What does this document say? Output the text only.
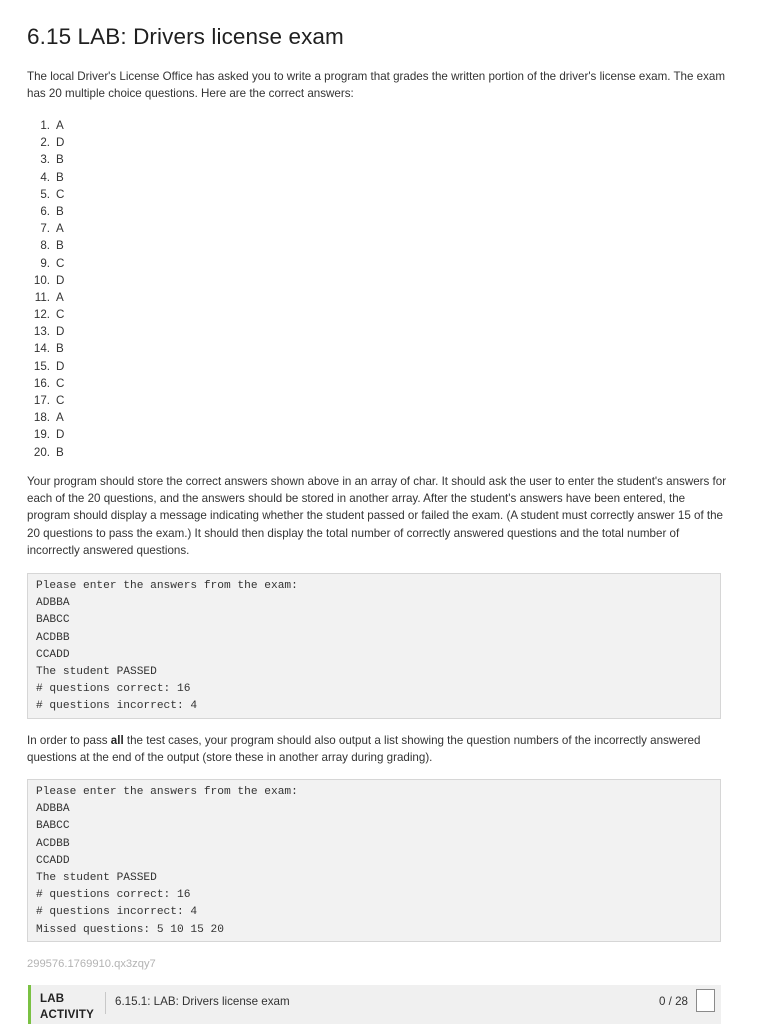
6.15 LAB: Drivers license exam

The local Driver's License Office has asked you to write a program that grades the written portion of the driver's license exam. The exam has 20 multiple choice questions. Here are the correct answers:

1. A
2. D
3. B
4. B
5. C
6. B
7. A
8. B
9. C
10. D
11. A
12. C
13. D
14. B
15. D
16. C
17. C
18. A
19. D
20. B

Your program should store the correct answers shown above in an array of char. It should ask the user to enter the student's answers for each of the 20 questions, and the answers should be stored in another array. After the student's answers have been entered, the program should display a message indicating whether the student passed or failed the exam. (A student must correctly answer 15 of the 20 questions to pass the exam.) It should then display the total number of correctly answered questions and the total number of incorrectly answered questions.

Please enter the answers from the exam:
ADBBA
BABCC
ACDBB
CCADD
The student PASSED
# questions correct: 16
# questions incorrect: 4

In order to pass all the test cases, your program should also output a list showing the question numbers of the incorrectly answered questions at the end of the output (store these in another array during grading).

Please enter the answers from the exam:
ADBBA
BABCC
ACDBB
CCADD
The student PASSED
# questions correct: 16
# questions incorrect: 4
Missed questions: 5 10 15 20
299576.1769910.qx3zqy7
LAB
ACTIVITY
6.15.1: LAB: Drivers license exam	0 / 28
